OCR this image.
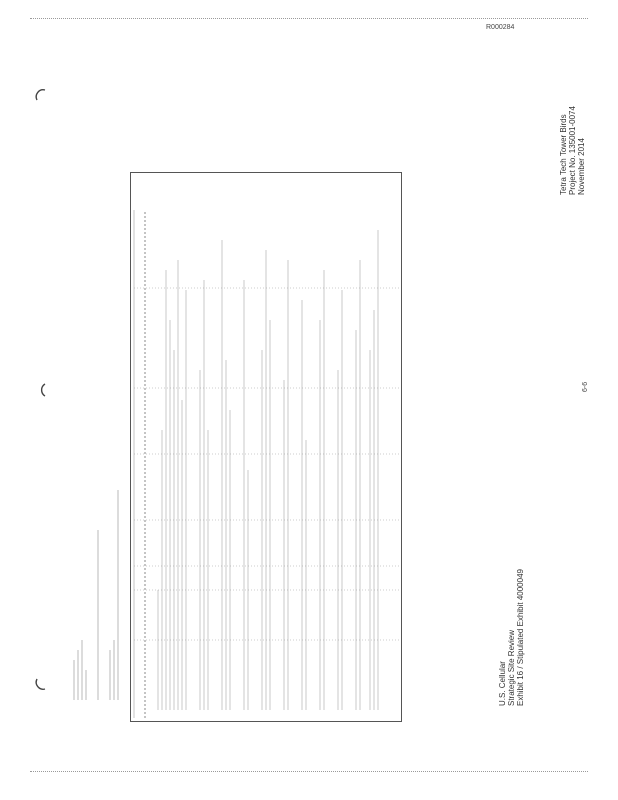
R000284
Tetra Tech Tower Birds Project No. 135001-0074 November 2014
6-6
U.S. Cellular Strategic Site Review Exhibit 16 / Stipulated Exhibit 4000049
